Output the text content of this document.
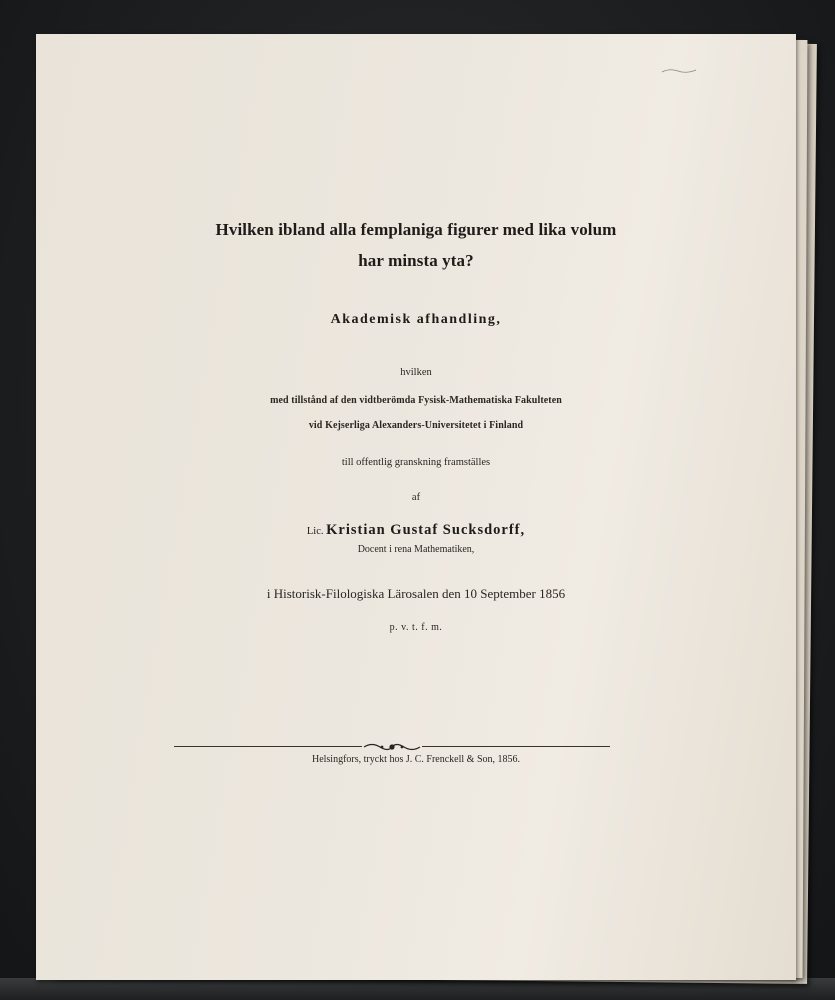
Hvilken ibland alla femplaniga figurer med lika volum
har minsta yta?
Akademisk afhandling,
hvilken
med tillstånd af den vidtberömda Fysisk-Mathematiska Fakulteten
vid Kejserliga Alexanders-Universitetet i Finland
till offentlig granskning framställes
af
Lic. Kristian Gustaf Sucksdorff,
Docent i rena Mathematiken,
i Historisk-Filologiska Lärosalen den 10 September 1856
p. v. t. f. m.
Helsingfors, tryckt hos J. C. Frenckell & Son, 1856.
